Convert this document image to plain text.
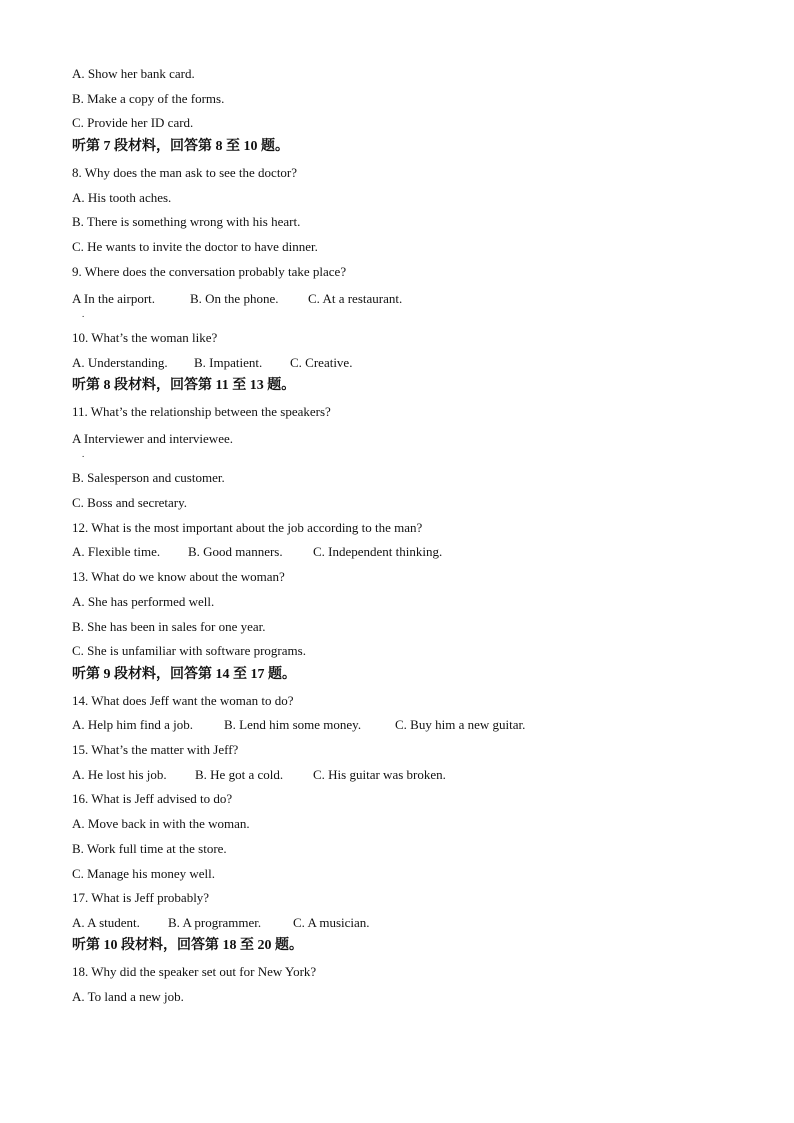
A. Show her bank card.
B. Make a copy of the forms.
C. Provide her ID card.
听第 7 段材料，回答第 8 至 10 题。
8. Why does the man ask to see the doctor?
A. His tooth aches.
B. There is something wrong with his heart.
C. He wants to invite the doctor to have dinner.
9. Where does the conversation probably take place?
A In the airport.	B. On the phone. C. At a restaurant.
.
10. What’s the woman like?
A. Understanding. B. Impatient. C. Creative.
听第 8 段材料，回答第 11 至 13 题。
11. What’s the relationship between the speakers?
A Interviewer and interviewee.
.
B. Salesperson and customer.
C. Boss and secretary.
12. What is the most important about the job according to the man?
A. Flexible time. B. Good manners. C. Independent thinking.
13. What do we know about the woman?
A. She has performed well.
B. She has been in sales for one year.
C. She is unfamiliar with software programs.
听第 9 段材料，回答第 14 至 17 题。
14. What does Jeff want the woman to do?
A. Help him find a job. B. Lend him some money.	C. Buy him a new guitar.
15. What’s the matter with Jeff?
A. He lost his job. B. He got a cold. C. His guitar was broken.
16. What is Jeff advised to do?
A. Move back in with the woman.
B. Work full time at the store.
C. Manage his money well.
17. What is Jeff probably?
A. A student. B. A programmer. C. A musician.
听第 10 段材料，回答第 18 至 20 题。
18. Why did the speaker set out for New York?
A. To land a new job.
